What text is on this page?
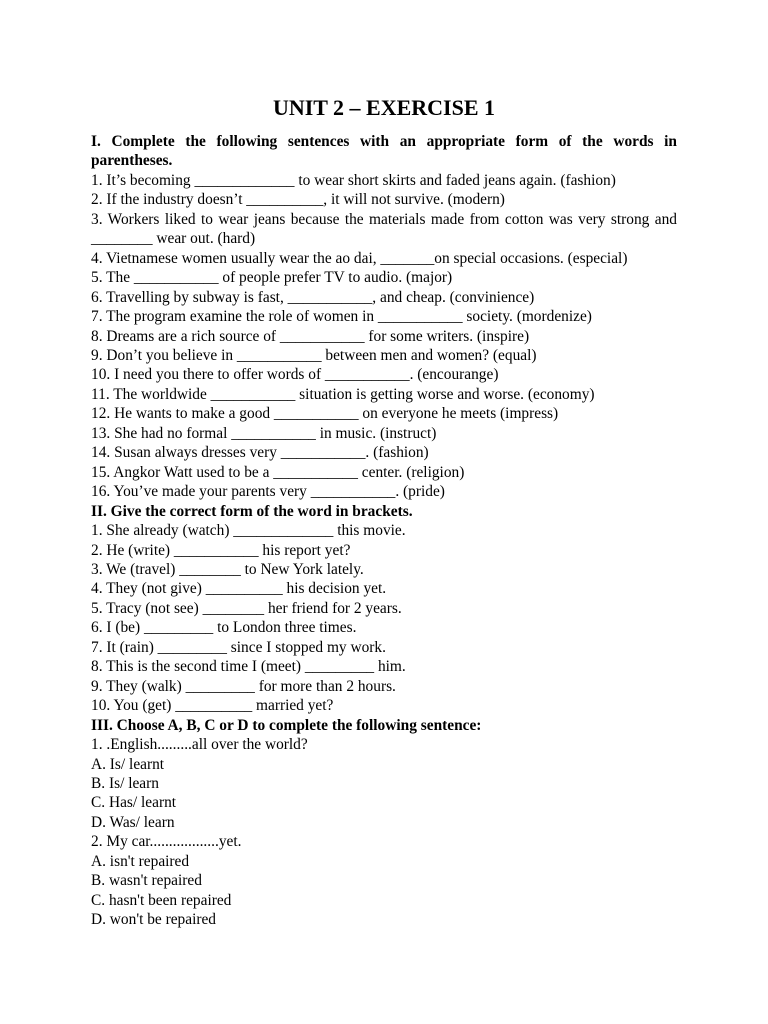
UNIT 2 – EXERCISE 1
I. Complete the following sentences with an appropriate form of the words in parentheses.
1. It’s becoming _____________ to wear short skirts and faded jeans again. (fashion)
2. If the industry doesn’t __________, it will not survive. (modern)
3. Workers liked to wear jeans because the materials made from cotton was very strong and ________ wear out. (hard)
4. Vietnamese women usually wear the ao dai, _______on special occasions. (especial)
5. The ___________ of people prefer TV to audio. (major)
6. Travelling by subway is fast, ___________, and cheap. (convinience)
7. The program examine the role of women in ___________ society. (mordenize)
8. Dreams are a rich source of ___________ for some writers. (inspire)
9. Don’t you believe in ___________ between men and women? (equal)
10. I need you there to offer words of ___________. (encourange)
11. The worldwide ___________ situation is getting worse and worse. (economy)
12. He wants to make a good ___________ on everyone he meets (impress)
13. She had no formal ___________ in music. (instruct)
14. Susan always dresses very ___________. (fashion)
15. Angkor Watt used to be a ___________ center. (religion)
16. You’ve made your parents very ___________. (pride)
II. Give the correct form of the word in brackets.
1. She already (watch) _____________ this movie.
2. He (write) ___________ his report yet?
3. We (travel) ________ to New York lately.
4. They (not give) __________ his decision yet.
5. Tracy (not see) ________ her friend for 2 years.
6. I (be) _________ to London three times.
7. It (rain) _________ since I stopped my work.
8. This is the second time I (meet) _________ him.
9. They (walk) _________ for more than 2 hours.
10. You (get) __________ married yet?
III. Choose A, B, C or D to complete the following sentence:
1. .English.........all over the world?
A. Is/ learnt
B. Is/ learn
C. Has/ learnt
D. Was/ learn
2. My car..................yet.
A. isn't repaired
B. wasn't repaired
C. hasn't been repaired
D. won't be repaired
